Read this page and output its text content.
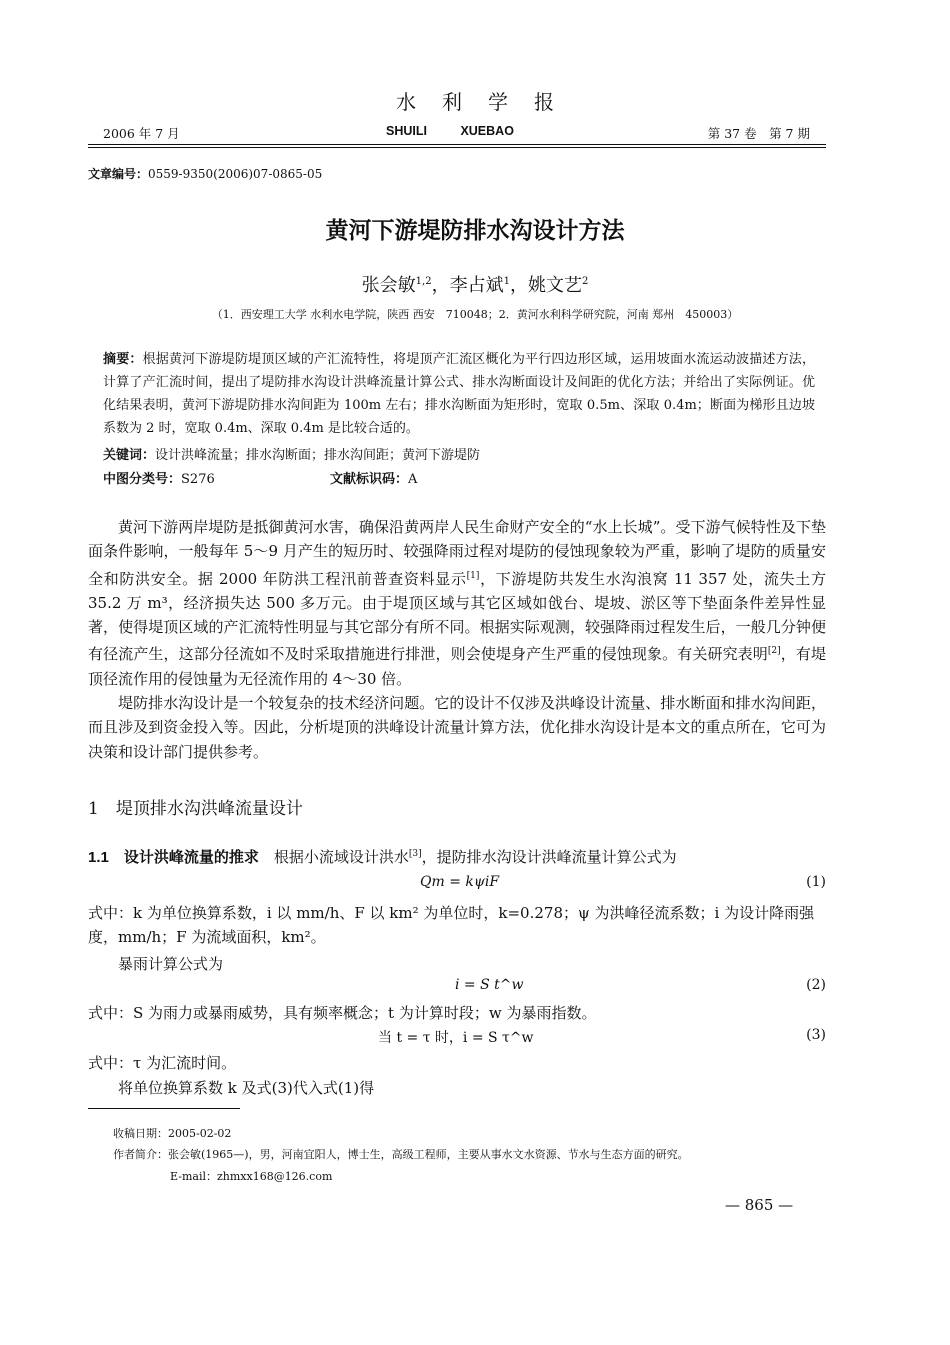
水利学报
2006 年 7 月	SHUILI XUEBAO	第 37 卷　第 7 期
文章编号：0559-9350(2006)07-0865-05
黄河下游堤防排水沟设计方法
张会敏$^{1,2}$，李占斌$^1$，姚文艺$^2$
（1．西安理工大学 水利水电学院，陕西 西安　710048；2．黄河水利科学研究院，河南 郑州　450003）
摘要：根据黄河下游堤防堤顶区域的产汇流特性，将堤顶产汇流区概化为平行四边形区域，运用坡面水流运动波描述方法，计算了产汇流时间，提出了堤防排水沟设计洪峰流量计算公式、排水沟断面设计及间距的优化方法；并给出了实际例证。优化结果表明，黄河下游堤防排水沟间距为 100m 左右；排水沟断面为矩形时，宽取 0.5m、深取 0.4m；断面为梯形且边坡系数为 2 时，宽取 0.4m、深取 0.4m 是比较合适的。
关键词：设计洪峰流量；排水沟断面；排水沟间距；黄河下游堤防
中图分类号：S276	文献标识码：A

黄河下游两岸堤防是抵御黄河水害，确保沿黄两岸人民生命财产安全的“水上长城”。受下游气候特性及下垫面条件影响，一般每年 5～9 月产生的短历时、较强降雨过程对堤防的侵蚀现象较为严重，影响了堤防的质量安全和防洪安全。据 2000 年防洪工程汛前普查资料显示[1]，下游堤防共发生水沟浪窝 11 357 处，流失土方 35.2 万 m³，经济损失达 500 多万元。由于堤顶区域与其它区域如戗台、堤坡、淤区等下垫面条件差异性显著，使得堤顶区域的产汇流特性明显与其它部分有所不同。根据实际观测，较强降雨过程发生后，一般几分钟便有径流产生，这部分径流如不及时采取措施进行排泄，则会使堤身产生严重的侵蚀现象。有关研究表明[2]，有堤顶径流作用的侵蚀量为无径流作用的 4～30 倍。

堤防排水沟设计是一个较复杂的技术经济问题。它的设计不仅涉及洪峰设计流量、排水断面和排水沟间距，而且涉及到资金投入等。因此，分析堤顶的洪峰设计流量计算方法，优化排水沟设计是本文的重点所在，它可为决策和设计部门提供参考。

1　堤顶排水沟洪峰流量设计
1.1　 设计洪峰流量的推求　 根据小流域设计洪水[3]，提防排水沟设计洪峰流量计算公式为
Qm = kψiF	(1)
式中：k 为单位换算系数，i 以 mm/h、F 以 km² 为单位时，k=0.278；ψ 为洪峰径流系数；i 为设计降雨强
度，mm/h；F 为流域面积，km²。
暴雨计算公式为
i = S t^w	(2)
式中：S 为雨力或暴雨威势，具有频率概念；t 为计算时段；w 为暴雨指数。
当 t = τ 时，i = S τ^w	(3)
式中：τ 为汇流时间。
将单位换算系数 k 及式(3)代入式(1)得
收稿日期：2005-02-02
作者简介：张会敏(1965—)，男，河南宜阳人，博士生，高级工程师，主要从事水文水资源、节水与生态方面的研究。
E-mail：zhmxx168@126.com
— 865 —
